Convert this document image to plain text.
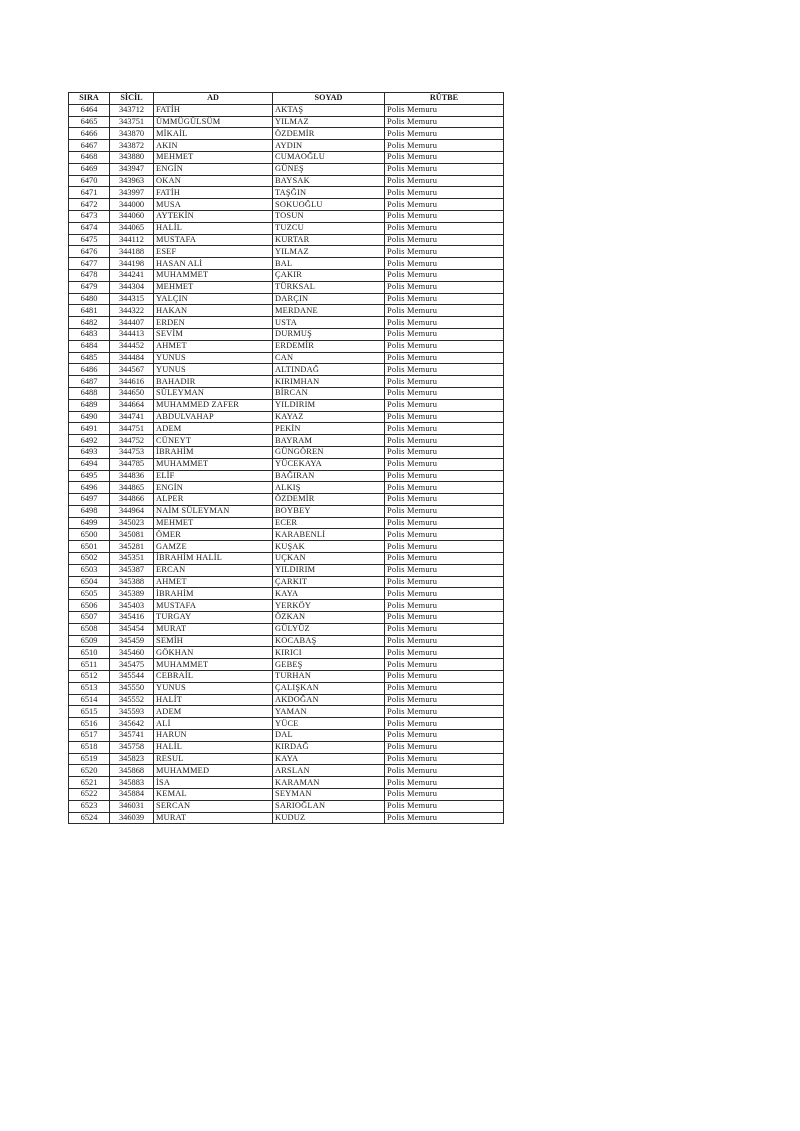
SIRA	SİCİL	AD	SOYAD	RÜTBE
6464	343712	FATİH	AKTAŞ	Polis Memuru
6465	343751	ÜMMÜGÜLSÜM	YILMAZ	Polis Memuru
6466	343870	MİKAİL	ÖZDEMİR	Polis Memuru
6467	343872	AKIN	AYDIN	Polis Memuru
6468	343880	MEHMET	CUMAOĞLU	Polis Memuru
6469	343947	ENGİN	GÜNEŞ	Polis Memuru
6470	343963	OKAN	BAYSAK	Polis Memuru
6471	343997	FATİH	TAŞĞIN	Polis Memuru
6472	344000	MUSA	SOKUOĞLU	Polis Memuru
6473	344060	AYTEKİN	TOSUN	Polis Memuru
6474	344065	HALİL	TUZCU	Polis Memuru
6475	344112	MUSTAFA	KURTAR	Polis Memuru
6476	344188	ESEF	YILMAZ	Polis Memuru
6477	344198	HASAN ALİ	BAL	Polis Memuru
6478	344241	MUHAMMET	ÇAKIR	Polis Memuru
6479	344304	MEHMET	TÜRKSAL	Polis Memuru
6480	344315	YALÇIN	DARÇIN	Polis Memuru
6481	344322	HAKAN	MERDANE	Polis Memuru
6482	344407	ERDEN	USTA	Polis Memuru
6483	344413	SEVİM	DURMUŞ	Polis Memuru
6484	344452	AHMET	ERDEMİR	Polis Memuru
6485	344484	YUNUS	CAN	Polis Memuru
6486	344567	YUNUS	ALTINDAĞ	Polis Memuru
6487	344616	BAHADIR	KIRIMHAN	Polis Memuru
6488	344650	SÜLEYMAN	BİRCAN	Polis Memuru
6489	344664	MUHAMMED ZAFER	YILDIRIM	Polis Memuru
6490	344741	ABDULVAHAP	KAYAZ	Polis Memuru
6491	344751	ADEM	PEKİN	Polis Memuru
6492	344752	CÜNEYT	BAYRAM	Polis Memuru
6493	344753	İBRAHİM	GÜNGÖREN	Polis Memuru
6494	344785	MUHAMMET	YÜCEKAYA	Polis Memuru
6495	344836	ELİF	BAĞIRAN	Polis Memuru
6496	344865	ENGİN	ALKIŞ	Polis Memuru
6497	344866	ALPER	ÖZDEMİR	Polis Memuru
6498	344964	NAİM SÜLEYMAN	BOYBEY	Polis Memuru
6499	345023	MEHMET	ECER	Polis Memuru
6500	345081	ÖMER	KARABENLİ	Polis Memuru
6501	345281	GAMZE	KUŞAK	Polis Memuru
6502	345351	İBRAHİM HALİL	UÇKAN	Polis Memuru
6503	345387	ERCAN	YILDIRIM	Polis Memuru
6504	345388	AHMET	ÇARKIT	Polis Memuru
6505	345389	İBRAHİM	KAYA	Polis Memuru
6506	345403	MUSTAFA	YERKÖY	Polis Memuru
6507	345416	TURGAY	ÖZKAN	Polis Memuru
6508	345454	MURAT	GÜLYÜZ	Polis Memuru
6509	345459	SEMİH	KOCABAŞ	Polis Memuru
6510	345460	GÖKHAN	KIRICI	Polis Memuru
6511	345475	MUHAMMET	GEBEŞ	Polis Memuru
6512	345544	CEBRAİL	TURHAN	Polis Memuru
6513	345550	YUNUS	ÇALIŞKAN	Polis Memuru
6514	345552	HALİT	AKDOĞAN	Polis Memuru
6515	345593	ADEM	YAMAN	Polis Memuru
6516	345642	ALİ	YÜCE	Polis Memuru
6517	345741	HARUN	DAL	Polis Memuru
6518	345758	HALİL	KIRDAĞ	Polis Memuru
6519	345823	RESUL	KAYA	Polis Memuru
6520	345868	MUHAMMED	ARSLAN	Polis Memuru
6521	345883	İSA	KARAMAN	Polis Memuru
6522	345884	KEMAL	SEYMAN	Polis Memuru
6523	346031	SERCAN	SARIOĞLAN	Polis Memuru
6524	346039	MURAT	KUDUZ	Polis Memuru
